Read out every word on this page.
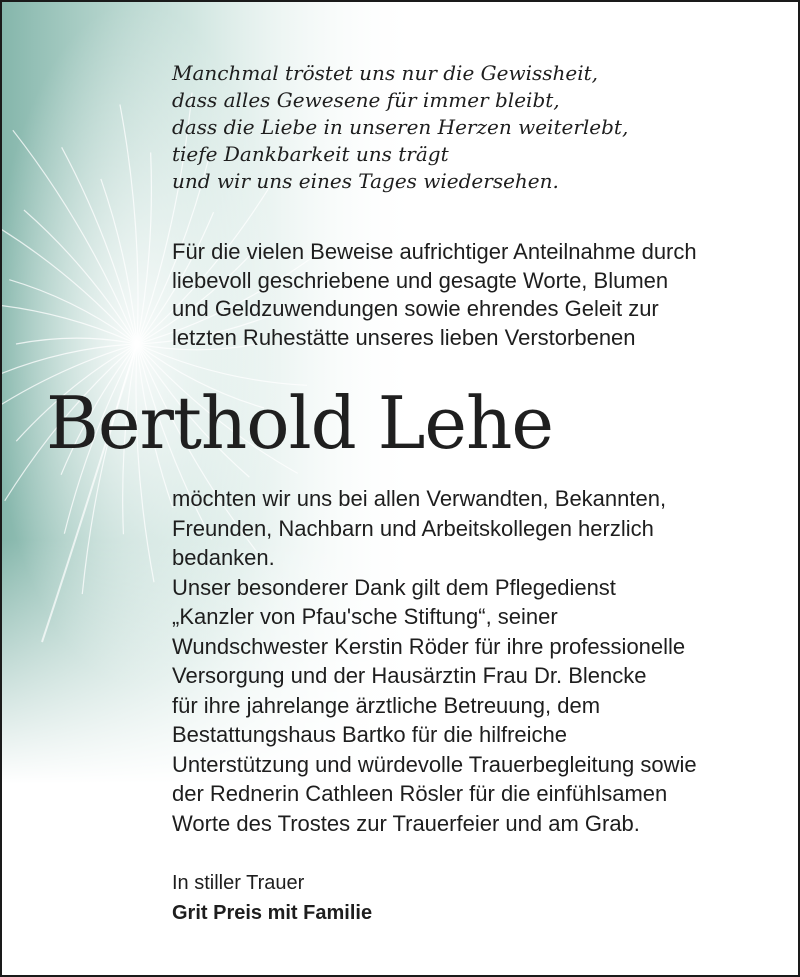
Manchmal tröstet uns nur die Gewissheit,
dass alles Gewesene für immer bleibt,
dass die Liebe in unseren Herzen weiterlebt,
tiefe Dankbarkeit uns trägt
und wir uns eines Tages wiedersehen.
Für die vielen Beweise aufrichtiger Anteilnahme durch
liebevoll geschriebene und gesagte Worte, Blumen
und Geldzuwendungen sowie ehrendes Geleit zur
letzten Ruhestätte unseres lieben Verstorbenen
Berthold Lehe
möchten wir uns bei allen Verwandten, Bekannten,
Freunden, Nachbarn und Arbeitskollegen herzlich
bedanken.
Unser besonderer Dank gilt dem Pflegedienst
„Kanzler von Pfau'sche Stiftung“, seiner
Wundschwester Kerstin Röder für ihre professionelle
Versorgung und der Hausärztin Frau Dr. Blencke
für ihre jahrelange ärztliche Betreuung, dem
Bestattungshaus Bartko für die hilfreiche
Unterstützung und würdevolle Trauerbegleitung sowie
der Rednerin Cathleen Rösler für die einfühlsamen
Worte des Trostes zur Trauerfeier und am Grab.
In stiller Trauer
Grit Preis mit Familie
